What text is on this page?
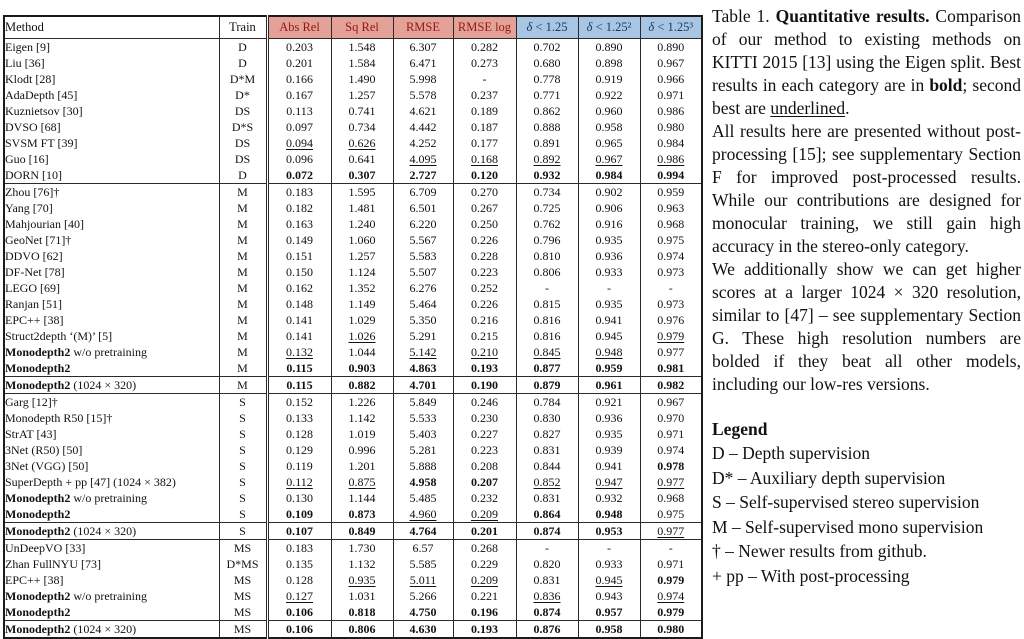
Method	Train	Abs Rel	Sq Rel	RMSE	RMSE log	δ < 1.25	δ < 1.25²	δ < 1.25³
Eigen [9]	D	0.203	1.548	6.307	0.282	0.702	0.890	0.890
Liu [36]	D	0.201	1.584	6.471	0.273	0.680	0.898	0.967
Klodt [28]	D*M	0.166	1.490	5.998	-	0.778	0.919	0.966
AdaDepth [45]	D*	0.167	1.257	5.578	0.237	0.771	0.922	0.971
Kuznietsov [30]	DS	0.113	0.741	4.621	0.189	0.862	0.960	0.986
DVSO [68]	D*S	0.097	0.734	4.442	0.187	0.888	0.958	0.980
SVSM FT [39]	DS	0.094	0.626	4.252	0.177	0.891	0.965	0.984
Guo [16]	DS	0.096	0.641	4.095	0.168	0.892	0.967	0.986
DORN [10]	D	0.072	0.307	2.727	0.120	0.932	0.984	0.994
Zhou [76]†	M	0.183	1.595	6.709	0.270	0.734	0.902	0.959
Yang [70]	M	0.182	1.481	6.501	0.267	0.725	0.906	0.963
Mahjourian [40]	M	0.163	1.240	6.220	0.250	0.762	0.916	0.968
GeoNet [71]†	M	0.149	1.060	5.567	0.226	0.796	0.935	0.975
DDVO [62]	M	0.151	1.257	5.583	0.228	0.810	0.936	0.974
DF-Net [78]	M	0.150	1.124	5.507	0.223	0.806	0.933	0.973
LEGO [69]	M	0.162	1.352	6.276	0.252	-	-	-
Ranjan [51]	M	0.148	1.149	5.464	0.226	0.815	0.935	0.973
EPC++ [38]	M	0.141	1.029	5.350	0.216	0.816	0.941	0.976
Struct2depth ‘(M)’ [5]	M	0.141	1.026	5.291	0.215	0.816	0.945	0.979
Monodepth2 w/o pretraining	M	0.132	1.044	5.142	0.210	0.845	0.948	0.977
Monodepth2	M	0.115	0.903	4.863	0.193	0.877	0.959	0.981
Monodepth2 (1024 × 320)	M	0.115	0.882	4.701	0.190	0.879	0.961	0.982
Garg [12]†	S	0.152	1.226	5.849	0.246	0.784	0.921	0.967
Monodepth R50 [15]†	S	0.133	1.142	5.533	0.230	0.830	0.936	0.970
StrAT [43]	S	0.128	1.019	5.403	0.227	0.827	0.935	0.971
3Net (R50) [50]	S	0.129	0.996	5.281	0.223	0.831	0.939	0.974
3Net (VGG) [50]	S	0.119	1.201	5.888	0.208	0.844	0.941	0.978
SuperDepth + pp [47] (1024 × 382)	S	0.112	0.875	4.958	0.207	0.852	0.947	0.977
Monodepth2 w/o pretraining	S	0.130	1.144	5.485	0.232	0.831	0.932	0.968
Monodepth2	S	0.109	0.873	4.960	0.209	0.864	0.948	0.975
Monodepth2 (1024 × 320)	S	0.107	0.849	4.764	0.201	0.874	0.953	0.977
UnDeepVO [33]	MS	0.183	1.730	6.57	0.268	-	-	-
Zhan FullNYU [73]	D*MS	0.135	1.132	5.585	0.229	0.820	0.933	0.971
EPC++ [38]	MS	0.128	0.935	5.011	0.209	0.831	0.945	0.979
Monodepth2 w/o pretraining	MS	0.127	1.031	5.266	0.221	0.836	0.943	0.974
Monodepth2	MS	0.106	0.818	4.750	0.196	0.874	0.957	0.979
Monodepth2 (1024 × 320)	MS	0.106	0.806	4.630	0.193	0.876	0.958	0.980

Table 1. Quantitative results. Comparison of our method to existing methods on KITTI 2015 [13] using the Eigen split. Best results in each category are in bold; second best are underlined.

All results here are presented without post-processing [15]; see supplementary Section F for improved post-processed results. While our contributions are designed for monocular training, we still gain high accuracy in the stereo-only category.

We additionally show we can get higher scores at a larger 1024 × 320 resolution, similar to [47] – see supplementary Section G. These high resolution numbers are bolded if they beat all other models, including our low-res versions.

Legend
D – Depth supervision
D* – Auxiliary depth supervision
S – Self-supervised stereo supervision
M – Self-supervised mono supervision
† – Newer results from github.
+ pp – With post-processing
